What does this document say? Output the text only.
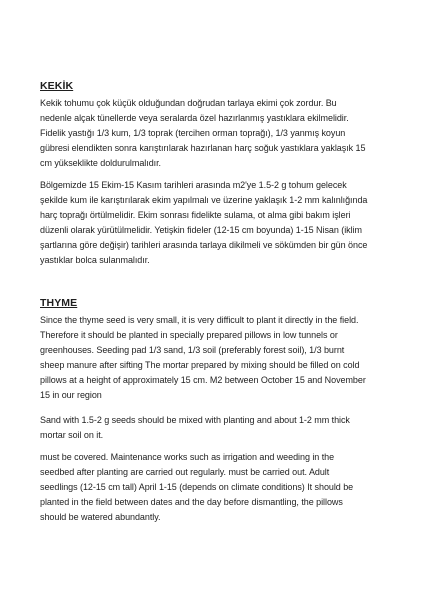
KEKİK
Kekik tohumu çok küçük olduğundan doğrudan tarlaya ekimi çok zordur. Bu
nedenle alçak tünellerde veya seralarda özel hazırlanmış yastıklara ekilmelidir.
Fidelik yastığı 1/3 kum, 1/3 toprak (tercihen orman toprağı), 1/3 yanmış koyun
gübresi elendikten sonra karıştırılarak hazırlanan harç soğuk yastıklara yaklaşık 15
cm yükseklikte doldurulmalıdır.
Bölgemizde 15 Ekim-15 Kasım tarihleri arasında m2'ye 1.5-2 g tohum gelecek
şekilde kum ile karıştırılarak ekim yapılmalı ve üzerine yaklaşık 1-2 mm kalınlığında
harç toprağı örtülmelidir. Ekim sonrası fidelikte sulama, ot alma gibi bakım işleri
düzenli olarak yürütülmelidir. Yetişkin fideler (12-15 cm boyunda) 1-15 Nisan (iklim
şartlarına göre değişir) tarihleri arasında tarlaya dikilmeli ve sökümden bir gün önce
yastıklar bolca sulanmalıdır.
THYME
Since the thyme seed is very small, it is very difficult to plant it directly in the field.
Therefore it should be planted in specially prepared pillows in low tunnels or
greenhouses. Seeding pad 1/3 sand, 1/3 soil (preferably forest soil), 1/3 burnt
sheep manure after sifting The mortar prepared by mixing should be filled on cold
pillows at a height of approximately 15 cm. M2 between October 15 and November
15 in our region
Sand with 1.5-2 g seeds should be mixed with planting and about 1-2 mm thick
mortar soil on it.
must be covered. Maintenance works such as irrigation and weeding in the
seedbed after planting are carried out regularly. must be carried out. Adult
seedlings (12-15 cm tall) April 1-15 (depends on climate conditions) It should be
planted in the field between dates and the day before dismantling, the pillows
should be watered abundantly.
